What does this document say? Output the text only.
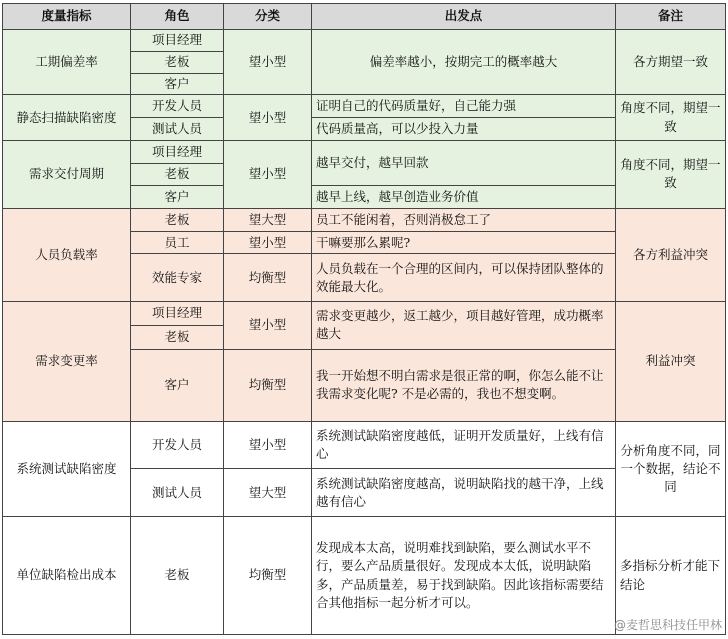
度量指标	角色	分类	出发点	备注
工期偏差率	项目经理	望小型	偏差率越小，按期完工的概率越大	各方期望一致
	老板			
	客户			
静态扫描缺陷密度	开发人员	望小型	证明自己的代码质量好，自己能力强	角度不同，期望一致
	测试人员		代码质量高，可以少投入力量	
需求交付周期	项目经理	望小型	越早交付，越早回款	角度不同，期望一致
	老板			
	客户		越早上线，越早创造业务价值	
人员负载率	老板	望大型	员工不能闲着，否则消极怠工了	各方利益冲突
	员工	望小型	干嘛要那么累呢?	
	效能专家	均衡型	人员负载在一个合理的区间内，可以保持团队整体的效能最大化。	
需求变更率	项目经理	望小型	需求变更越少，返工越少，项目越好管理，成功概率越大	利益冲突
	老板			
	客户	均衡型	我一开始想不明白需求是很正常的啊，你怎么能不让我需求变化呢? 不是必需的，我也不想变啊。	
系统测试缺陷密度	开发人员	望小型	系统测试缺陷密度越低，证明开发质量好，上线有信心	分析角度不同，同一个数据，结论不同
	测试人员	望大型	系统测试缺陷密度越高，说明缺陷找的越干净，上线越有信心	
单位缺陷检出成本	老板	均衡型	发现成本太高，说明难找到缺陷，要么测试水平不行，要么产品质量很好。发现成本太低，说明缺陷多，产品质量差，易于找到缺陷。因此该指标需要结合其他指标一起分析才可以。	多指标分析才能下结论
@麦哲思科技任甲林
